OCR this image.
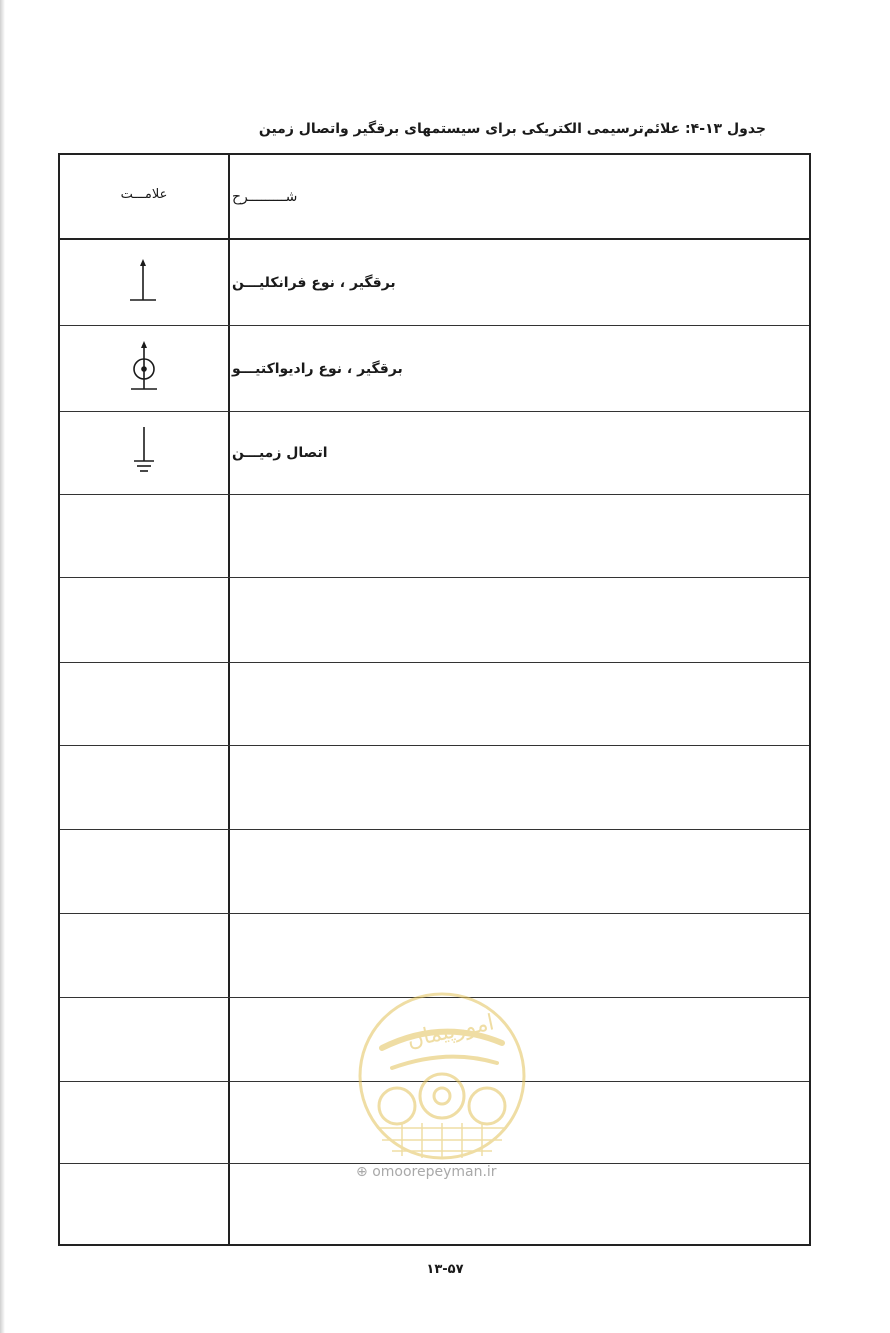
جدول ۱۳-۴: علائم‌ترسیمی الکتریکی برای سیستمهای برقگیر واتصال زمین
علامـــت	شـــــــــرح
برقگیر ، نوع فرانکلیـــن
برقگیر ، نوع رادیواکتیـــو
اتصال زمیـــن
امورپیمان
⊕ omoorepeyman.ir
۱۳-۵۷
